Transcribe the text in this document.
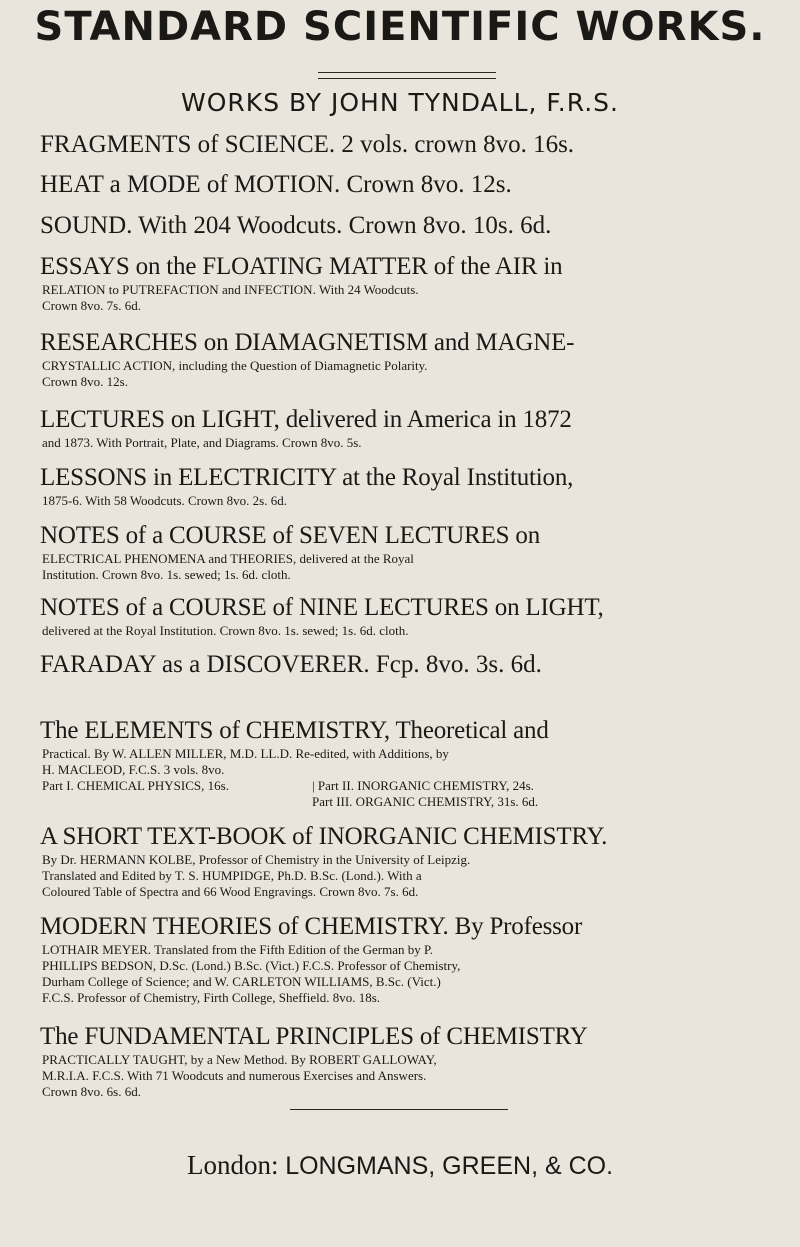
STANDARD SCIENTIFIC WORKS.
WORKS BY JOHN TYNDALL, F.R.S.
FRAGMENTS of SCIENCE. 2 vols. crown 8vo. 16s.
HEAT a MODE of MOTION. Crown 8vo. 12s.
SOUND. With 204 Woodcuts. Crown 8vo. 10s. 6d.
ESSAYS on the FLOATING MATTER of the AIR in
RELATION to PUTREFACTION and INFECTION. With 24 Woodcuts.
Crown 8vo. 7s. 6d.
RESEARCHES on DIAMAGNETISM and MAGNE-
CRYSTALLIC ACTION, including the Question of Diamagnetic Polarity.
Crown 8vo. 12s.
LECTURES on LIGHT, delivered in America in 1872
and 1873. With Portrait, Plate, and Diagrams. Crown 8vo. 5s.
LESSONS in ELECTRICITY at the Royal Institution,
1875-6. With 58 Woodcuts. Crown 8vo. 2s. 6d.
NOTES of a COURSE of SEVEN LECTURES on
ELECTRICAL PHENOMENA and THEORIES, delivered at the Royal
Institution. Crown 8vo. 1s. sewed; 1s. 6d. cloth.
NOTES of a COURSE of NINE LECTURES on LIGHT,
delivered at the Royal Institution. Crown 8vo. 1s. sewed; 1s. 6d. cloth.
FARADAY as a DISCOVERER. Fcp. 8vo. 3s. 6d.
The ELEMENTS of CHEMISTRY, Theoretical and
Practical. By W. ALLEN MILLER, M.D. LL.D. Re-edited, with Additions, by
H. MACLEOD, F.C.S. 3 vols. 8vo.
Part I. CHEMICAL PHYSICS, 16s.	| Part II. INORGANIC CHEMISTRY, 24s.
Part III. ORGANIC CHEMISTRY, 31s. 6d.
A SHORT TEXT-BOOK of INORGANIC CHEMISTRY.
By Dr. HERMANN KOLBE, Professor of Chemistry in the University of Leipzig.
Translated and Edited by T. S. HUMPIDGE, Ph.D. B.Sc. (Lond.). With a
Coloured Table of Spectra and 66 Wood Engravings. Crown 8vo. 7s. 6d.
MODERN THEORIES of CHEMISTRY. By Professor
LOTHAIR MEYER. Translated from the Fifth Edition of the German by P.
PHILLIPS BEDSON, D.Sc. (Lond.) B.Sc. (Vict.) F.C.S. Professor of Chemistry,
Durham College of Science; and W. CARLETON WILLIAMS, B.Sc. (Vict.)
F.C.S. Professor of Chemistry, Firth College, Sheffield. 8vo. 18s.
The FUNDAMENTAL PRINCIPLES of CHEMISTRY
PRACTICALLY TAUGHT, by a New Method. By ROBERT GALLOWAY,
M.R.I.A. F.C.S. With 71 Woodcuts and numerous Exercises and Answers.
Crown 8vo. 6s. 6d.
London: LONGMANS, GREEN, & CO.
